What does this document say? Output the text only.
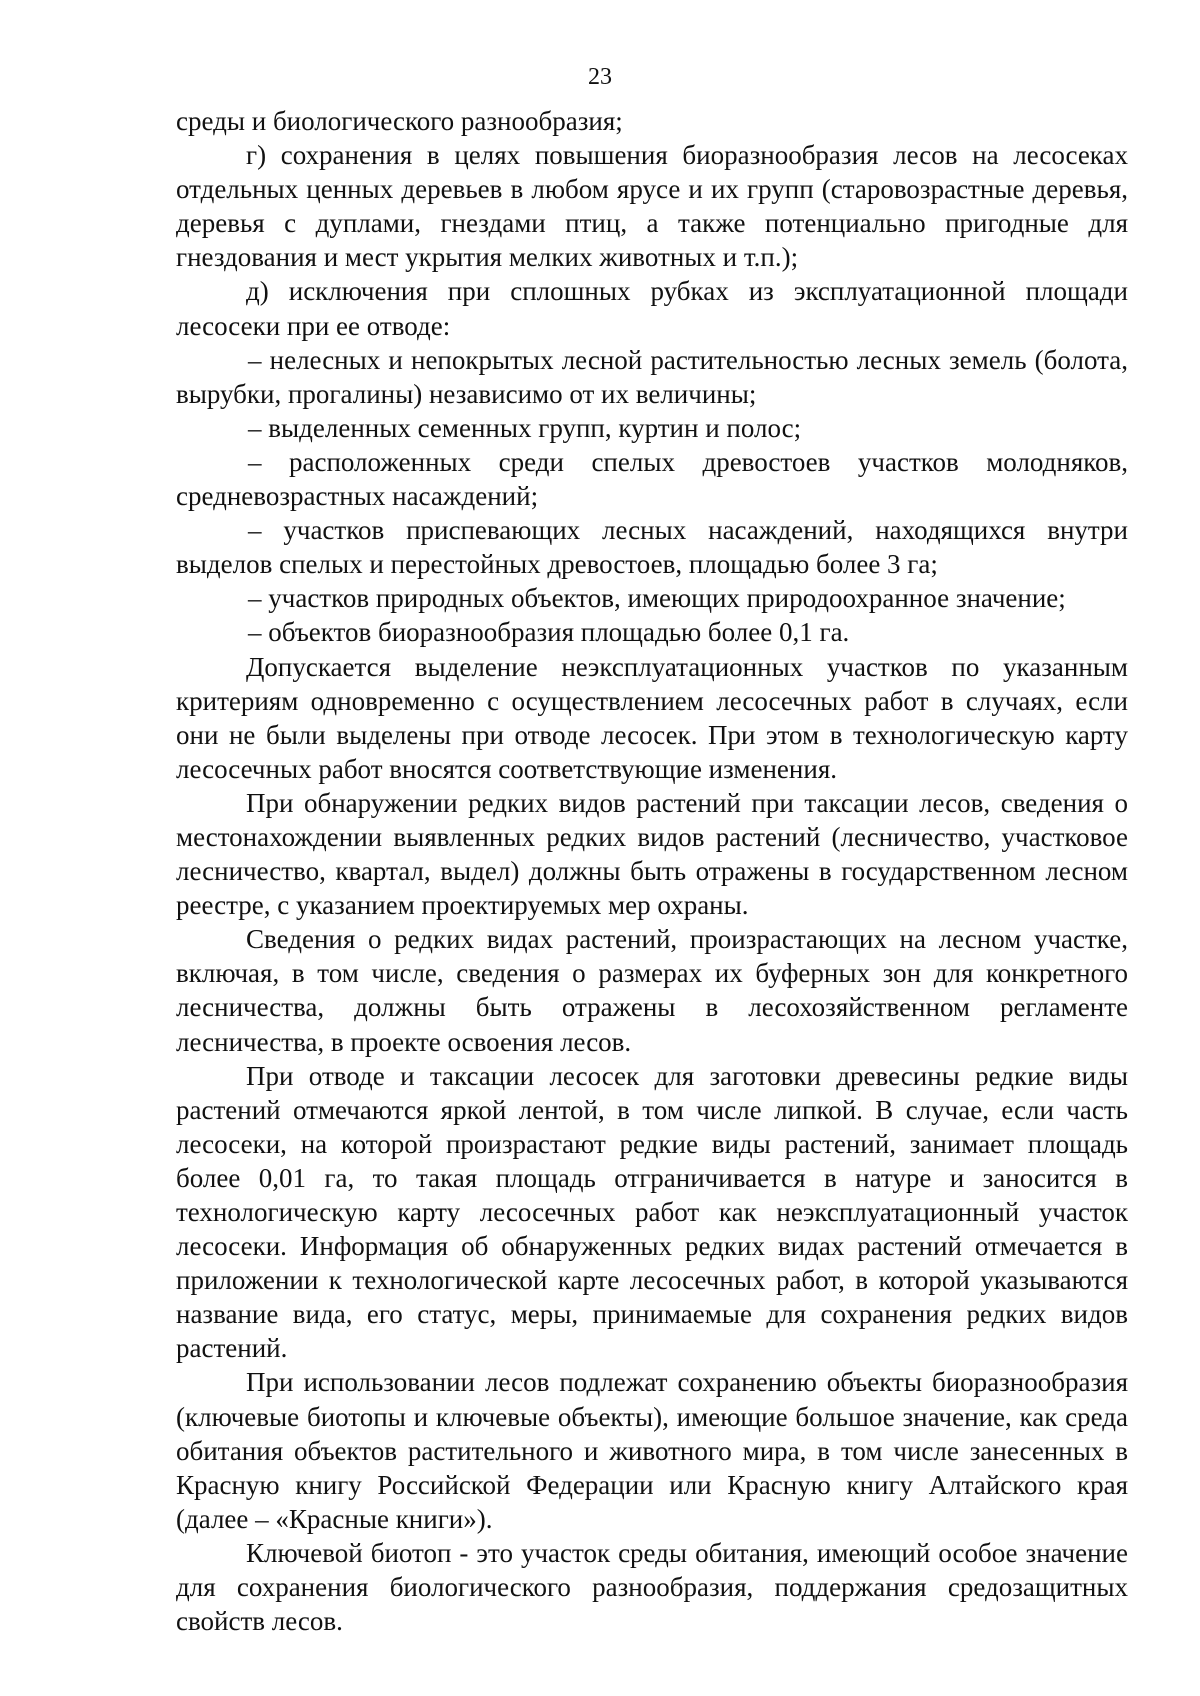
23

среды и биологического разнообразия;

г) сохранения в целях повышения биоразнообразия лесов на лесосеках отдельных ценных деревьев в любом ярусе и их групп (старовозрастные деревья, деревья с дуплами, гнездами птиц, а также потенциально пригодные для гнездования и мест укрытия мелких животных и т.п.);

д) исключения при сплошных рубках из эксплуатационной площади лесосеки при ее отводе:

– нелесных и непокрытых лесной растительностью лесных земель (болота, вырубки, прогалины) независимо от их величины;

– выделенных семенных групп, куртин и полос;

– расположенных среди спелых древостоев участков молодняков, средневозрастных насаждений;

– участков приспевающих лесных насаждений, находящихся внутри выделов спелых и перестойных древостоев, площадью более 3 га;

– участков природных объектов, имеющих природоохранное значение;

– объектов биоразнообразия площадью более 0,1 га.

Допускается выделение неэксплуатационных участков по указанным критериям одновременно с осуществлением лесосечных работ в случаях, если они не были выделены при отводе лесосек. При этом в технологическую карту лесосечных работ вносятся соответствующие изменения.

При обнаружении редких видов растений при таксации лесов, сведения о местонахождении выявленных редких видов растений (лесничество, участковое лесничество, квартал, выдел) должны быть отражены в государственном лесном реестре, с указанием проектируемых мер охраны.

Сведения о редких видах растений, произрастающих на лесном участке, включая, в том числе, сведения о размерах их буферных зон для конкретного лесничества, должны быть отражены в лесохозяйственном регламенте лесничества, в проекте освоения лесов.

При отводе и таксации лесосек для заготовки древесины редкие виды растений отмечаются яркой лентой, в том числе липкой. В случае, если часть лесосеки, на которой произрастают редкие виды растений, занимает площадь более 0,01 га, то такая площадь отграничивается в натуре и заносится в технологическую карту лесосечных работ как неэксплуатационный участок лесосеки. Информация об обнаруженных редких видах растений отмечается в приложении к технологической карте лесосечных работ, в которой указываются название вида, его статус, меры, принимаемые для сохранения редких видов растений.

При использовании лесов подлежат сохранению объекты биоразнообразия (ключевые биотопы и ключевые объекты), имеющие большое значение, как среда обитания объектов растительного и животного мира, в том числе занесенных в Красную книгу Российской Федерации или Красную книгу Алтайского края (далее – «Красные книги»).

Ключевой биотоп - это участок среды обитания, имеющий особое значение для сохранения биологического разнообразия, поддержания средозащитных свойств лесов.
